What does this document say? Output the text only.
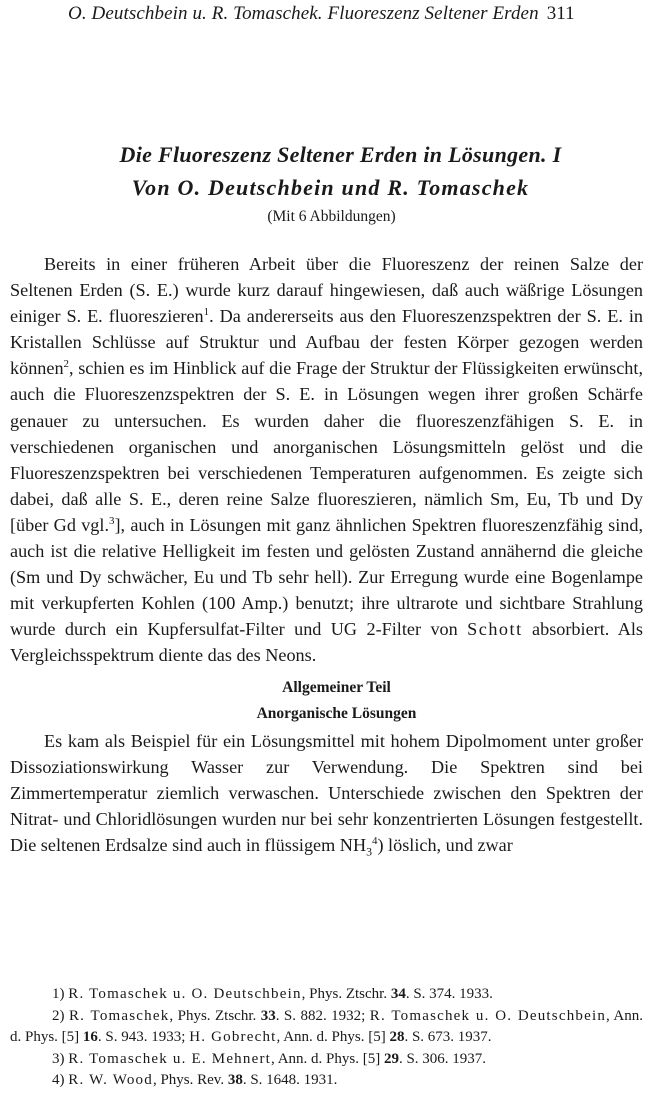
O. Deutschbein u. R. Tomaschek. Fluoreszenz Seltener Erden 311
Die Fluoreszenz Seltener Erden in Lösungen. I
Von O. Deutschbein und R. Tomaschek
(Mit 6 Abbildungen)

Bereits in einer früheren Arbeit über die Fluoreszenz der reinen Salze der Seltenen Erden (S. E.) wurde kurz darauf hingewiesen, daß auch wäßrige Lösungen einiger S. E. fluoreszieren$^1$. Da andererseits aus den Fluoreszenzspektren der S. E. in Kristallen Schlüsse auf Struktur und Aufbau der festen Körper gezogen werden können$^2$, schien es im Hinblick auf die Frage der Struktur der Flüssigkeiten erwünscht, auch die Fluoreszenzspektren der S. E. in Lösungen wegen ihrer großen Schärfe genauer zu untersuchen. Es wurden daher die fluoreszenzfähigen S. E. in verschiedenen organischen und anorganischen Lösungsmitteln gelöst und die Fluoreszenzspektren bei verschiedenen Temperaturen aufgenommen. Es zeigte sich dabei, daß alle S. E., deren reine Salze fluoreszieren, nämlich Sm, Eu, Tb und Dy [über Gd vgl.$^3$], auch in Lösungen mit ganz ähnlichen Spektren fluoreszenzfähig sind, auch ist die relative Helligkeit im festen und gelösten Zustand annähernd die gleiche (Sm und Dy schwächer, Eu und Tb sehr hell). Zur Erregung wurde eine Bogenlampe mit verkupferten Kohlen (100 Amp.) benutzt; ihre ultrarote und sichtbare Strahlung wurde durch ein Kupfersulfat-Filter und UG 2-Filter von Schott absorbiert. Als Vergleichsspektrum diente das des Neons.

Allgemeiner Teil
Anorganische Lösungen

Es kam als Beispiel für ein Lösungsmittel mit hohem Dipolmoment unter großer Dissoziationswirkung Wasser zur Verwendung. Die Spektren sind bei Zimmertemperatur ziemlich verwaschen. Unterschiede zwischen den Spektren der Nitrat- und Chloridlösungen wurden nur bei sehr konzentrierten Lösungen festgestellt. Die seltenen Erdsalze sind auch in flüssigem $NH_3^4$) löslich, und zwar

1) R. Tomaschek u. O. Deutschbein, Phys. Ztschr. 34. S. 374. 1933.

2) R. Tomaschek, Phys. Ztschr. 33. S. 882. 1932; R. Tomaschek u. O. Deutschbein, Ann. d. Phys. [5] 16. S. 943. 1933; H. Gobrecht, Ann. d. Phys. [5] 28. S. 673. 1937.

3) R. Tomaschek u. E. Mehnert, Ann. d. Phys. [5] 29. S. 306. 1937.

4) R. W. Wood, Phys. Rev. 38. S. 1648. 1931.
